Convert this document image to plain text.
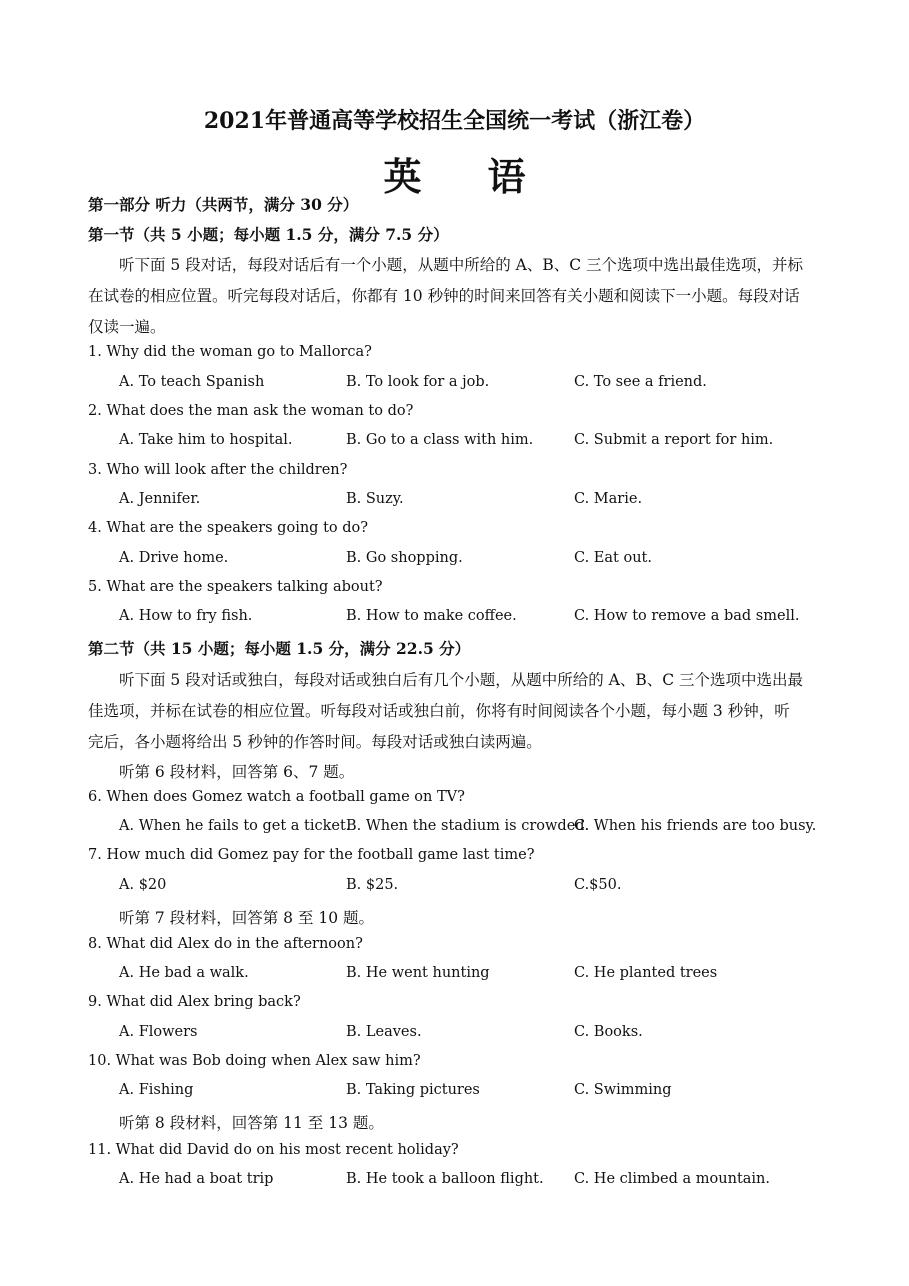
2021年普通高等学校招生全国统一考试（浙江卷）
英语
第一部分 听力（共两节，满分 30 分）
第一节（共 5 小题；每小题 1.5 分，满分 7.5 分）
听下面 5 段对话，每段对话后有一个小题，从题中所给的 A、B、C 三个选项中选出最佳选项，并标
在试卷的相应位置。听完每段对话后，你都有 10 秒钟的时间来回答有关小题和阅读下一小题。每段对话
仅读一遍。
1. Why did the woman go to Mallorca?
A. To teach Spanish	B. To look for a job.	C. To see a friend.
2. What does the man ask the woman to do?
A. Take him to hospital.	B. Go to a class with him.	C. Submit a report for him.
3. Who will look after the children?
A. Jennifer.	B. Suzy.	C. Marie.
4. What are the speakers going to do?
A. Drive home.	B. Go shopping.	C. Eat out.
5. What are the speakers talking about?
A. How to fry fish.	B. How to make coffee.	C. How to remove a bad smell.
第二节（共 15 小题；每小题 1.5 分，满分 22.5 分）
听下面 5 段对话或独白，每段对话或独白后有几个小题，从题中所给的 A、B、C 三个选项中选出最
佳选项，并标在试卷的相应位置。听每段对话或独白前，你将有时间阅读各个小题，每小题 3 秒钟，听
完后，各小题将给出 5 秒钟的作答时间。每段对话或独白读两遍。
听第 6 段材料，回答第 6、7 题。
6. When does Gomez watch a football game on TV?
A. When he fails to get a ticket.
B. When the stadium is crowded.
C. When his friends are too busy.
7. How much did Gomez pay for the football game last time?
A. $20	B. $25.	C.$50.
听第 7 段材料，回答第 8 至 10 题。
8. What did Alex do in the afternoon?
A. He bad a walk.	B. He went hunting	C. He planted trees
9. What did Alex bring back?
A. Flowers	B. Leaves.	C. Books.
10. What was Bob doing when Alex saw him?
A. Fishing	B. Taking pictures	C. Swimming
听第 8 段材料，回答第 11 至 13 题。
11. What did David do on his most recent holiday?
A. He had a boat trip	B. He took a balloon flight. C. He climbed a mountain.
